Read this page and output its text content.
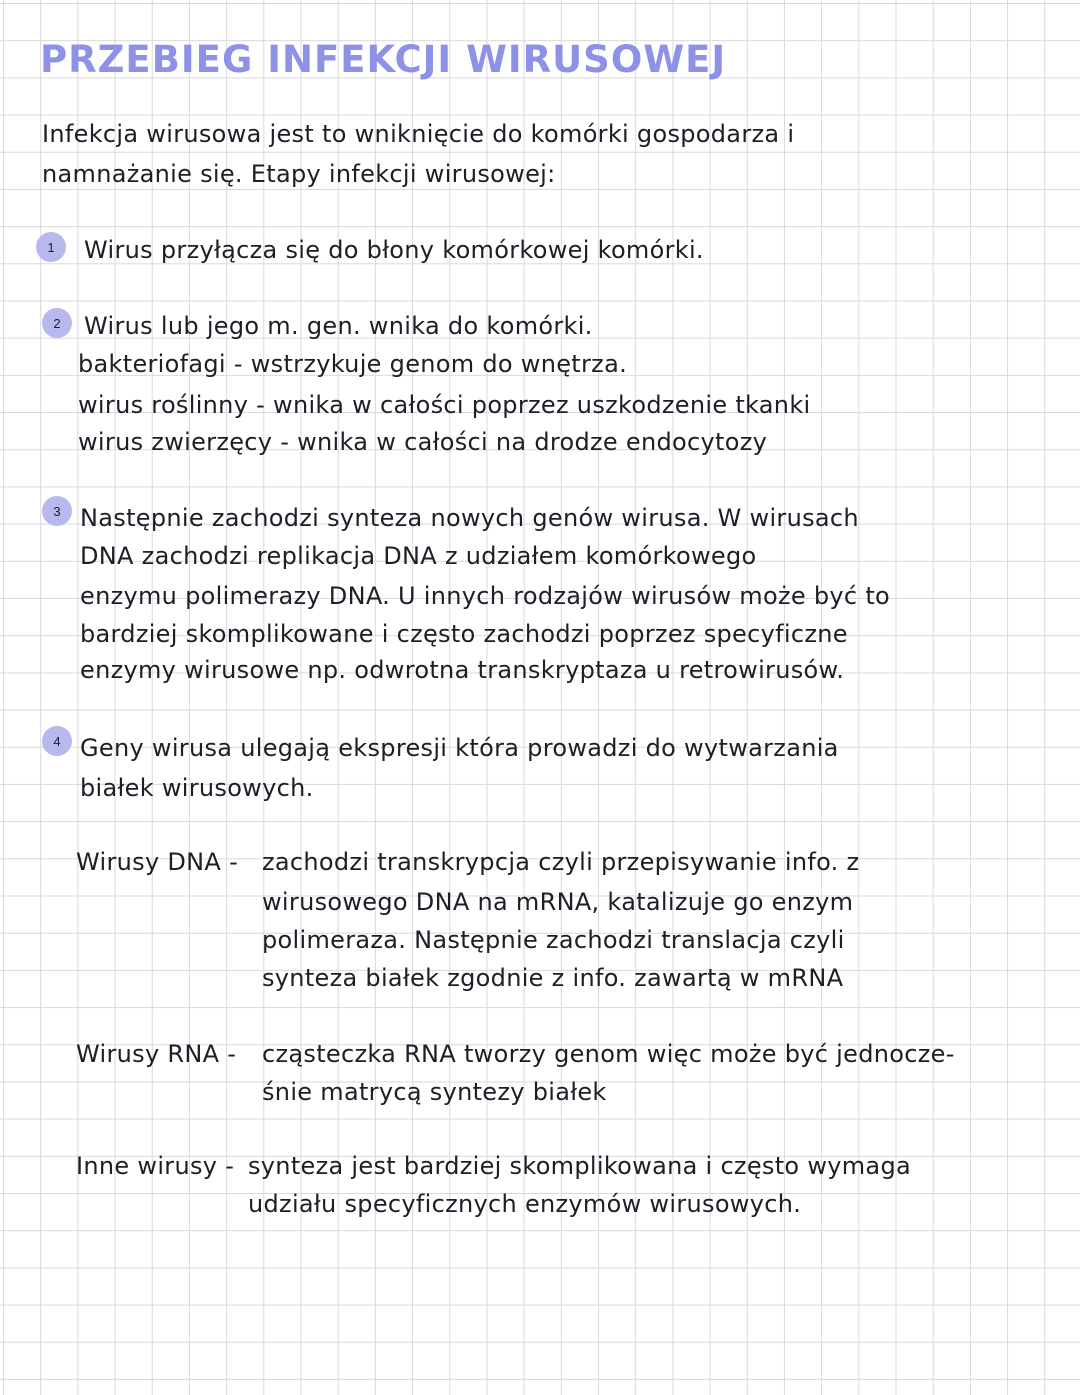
PRZEBIEG INFEKCJI WIRUSOWEJ
Infekcja wirusowa jest to wniknięcie do komórki gospodarza i
namnażanie się. Etapy infekcji wirusowej:
1	Wirus przyłącza się do błony komórkowej komórki.
2 Wirus lub jego m. gen. wnika do komórki.
bakteriofagi - wstrzykuje genom do wnętrza.
wirus roślinny - wnika w całości poprzez uszkodzenie tkanki
wirus zwierzęcy - wnika w całości na drodze endocytozy
3 Następnie zachodzi synteza nowych genów wirusa. W wirusach
DNA zachodzi replikacja DNA z udziałem komórkowego
enzymu polimerazy DNA. U innych rodzajów wirusów może być to
bardziej skomplikowane i często zachodzi poprzez specyficzne
enzymy wirusowe np. odwrotna transkryptaza u retrowirusów.
4 Geny wirusa ulegają ekspresji która prowadzi do wytwarzania
białek wirusowych.
Wirusy DNA - zachodzi transkrypcja czyli przepisywanie info. z
wirusowego DNA na mRNA, katalizuje go enzym
polimeraza. Następnie zachodzi translacja czyli
synteza białek zgodnie z info. zawartą w mRNA
Wirusy RNA - cząsteczka RNA tworzy genom więc może być jednocze-
śnie matrycą syntezy białek
Inne wirusy - synteza jest bardziej skomplikowana i często wymaga
udziału specyficznych enzymów wirusowych.
